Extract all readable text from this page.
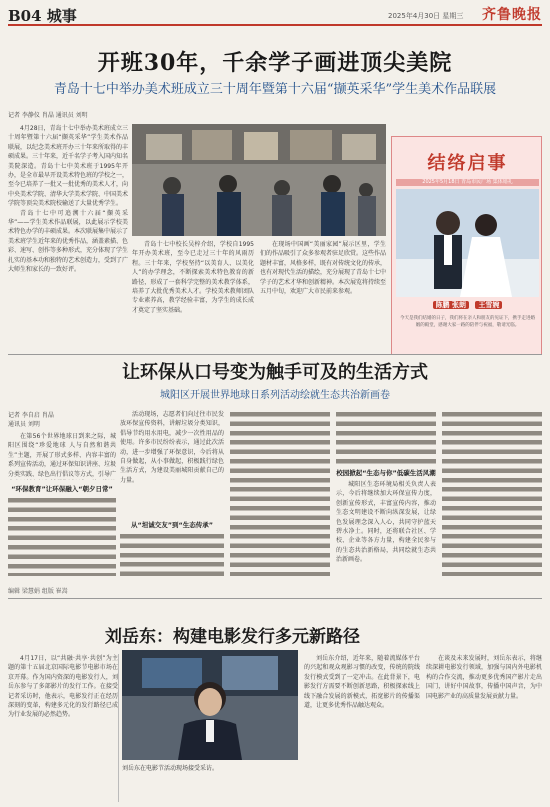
B04 城事	2025年4月30日 星期三 齐鲁晚报
开班30年，千余学子画进顶尖美院
青岛十七中举办美术班成立三十周年暨第十六届“撷英采华”学生美术作品联展
记者 李静仪 肖晶 通讯员 刘明

4月28日，青岛十七中举办美术班成立三十周年暨第十六届“撷英采华”学生美术作品联展，以纪念美术班开办三十年来所取得的丰硕成果。三十年来，近千名学子考入国内知名美院深造。青岛十七中美术班于1995年开办，是全市最早开设美术特色班的学校之一，至今已培养了一批又一批优秀的美术人才，向中央美术学院、清华大学美术学院、中国美术学院等顶尖美术院校输送了大量优秀学生。

青岛十七中可追溯十六届“撷英采华”——学生美术作品联展，以此展示学校美术特色办学的丰硕成果。本次联展集中展示了美术班学生近年来的优秀作品，涵盖素描、色彩、速写、创作等多种形式，充分体现了学生扎实的基本功和独特的艺术创造力，受到了广大师生和家长的一致好评。

青岛十七中校长吴梓介绍，学校自1995年开办美术班，至今已走过三十年的风雨历程。三十年来，学校坚持“以美育人、以美化人”的办学理念，不断探索美术特色教育的新路径，形成了一套科学完整的美术教学体系，培养了大批优秀美术人才。学校美术教师团队专业素养高，教学经验丰富，为学生的成长成才奠定了坚实基础。

在现场中国画“美丽家园”展示区里，学生们的作品吸引了众多参观者驻足欣赏。这些作品题材丰富，风格多样，既有对传统文化的传承，也有对现代生活的描绘，充分展现了青岛十七中学子的艺术才华和创新精神。本次展览将持续至五月中旬，欢迎广大市民前来参观。

结络启事
2025年5月18日 青岛市民广场 集体婚礼
陈鹏 张朗 王雪婉
今天是我们结婚的日子，我们将在亲人和朋友的见证下，携手走进婚姻的殿堂，感谢大家一路的陪伴与祝福，敬请光临。
让环保从口号变为触手可及的生活方式
城阳区开展世界地球日系列活动绘就生态共治新画卷
记者 李自启 肖晶
通讯员 刘明

在第56个世界地球日到来之际，城阳区围绕“珍爱地球 人与自然和谐共生”主题，开展了形式多样、内容丰富的系列宣传活动，通过环保知识讲座、垃圾分类实践、绿色出行倡议等方式，引导广

“环保教育”让环保融入“朝夕日常”

活动现场，志愿者们向过往市民发放环保宣传资料，讲解垃圾分类知识，倡导节约用水用电，减少一次性用品的使用。许多市民纷纷表示，通过此次活动，进一步增强了环保意识，今后将从自身做起，从小事做起，积极践行绿色生活方式，为建设美丽城阳贡献自己的力量。

从“坦诚交友”到“生态传承”
校园掀起“生态与你”低碳生活风潮

城阳区生态环境局相关负责人表示，今后将继续加大环保宣传力度，创新宣传形式，丰富宣传内容，推动生态文明建设不断向纵深发展，让绿色发展理念深入人心，共同守护蓝天碧水净土。同时，还将联合社区、学校、企业等各方力量，构建全民参与的生态共治新格局，共同绘就生态共治新画卷。

编辑 梁慧娟 组版 崔嵩
刘岳东：构建电影发行多元新路径

4月17日，以“共融·共享·共创”为主题的第十五届北京国际电影节电影市场在京开幕。作为国内资深的电影发行人，刘岳东参与了多部影片的发行工作。在接受记者采访时，他表示，电影发行正在经历深刻的变革，构建多元化的发行路径已成为行业发展的必然趋势。

刘岳东在电影节活动现场接受采访。

刘岳东介绍，近年来，随着流媒体平台的兴起和观众观影习惯的改变，传统的院线发行模式受到了一定冲击。在此背景下，电影发行方需要不断创新思路，积极探索线上线下融合发展的新模式，拓宽影片的传播渠道，让更多优秀作品触达观众。

在谈及未来发展时，刘岳东表示，将继续深耕电影发行领域，加强与国内外电影机构的合作交流，推动更多优秀国产影片走出国门，讲好中国故事，传播中国声音，为中国电影产业的高质量发展贡献力量。
